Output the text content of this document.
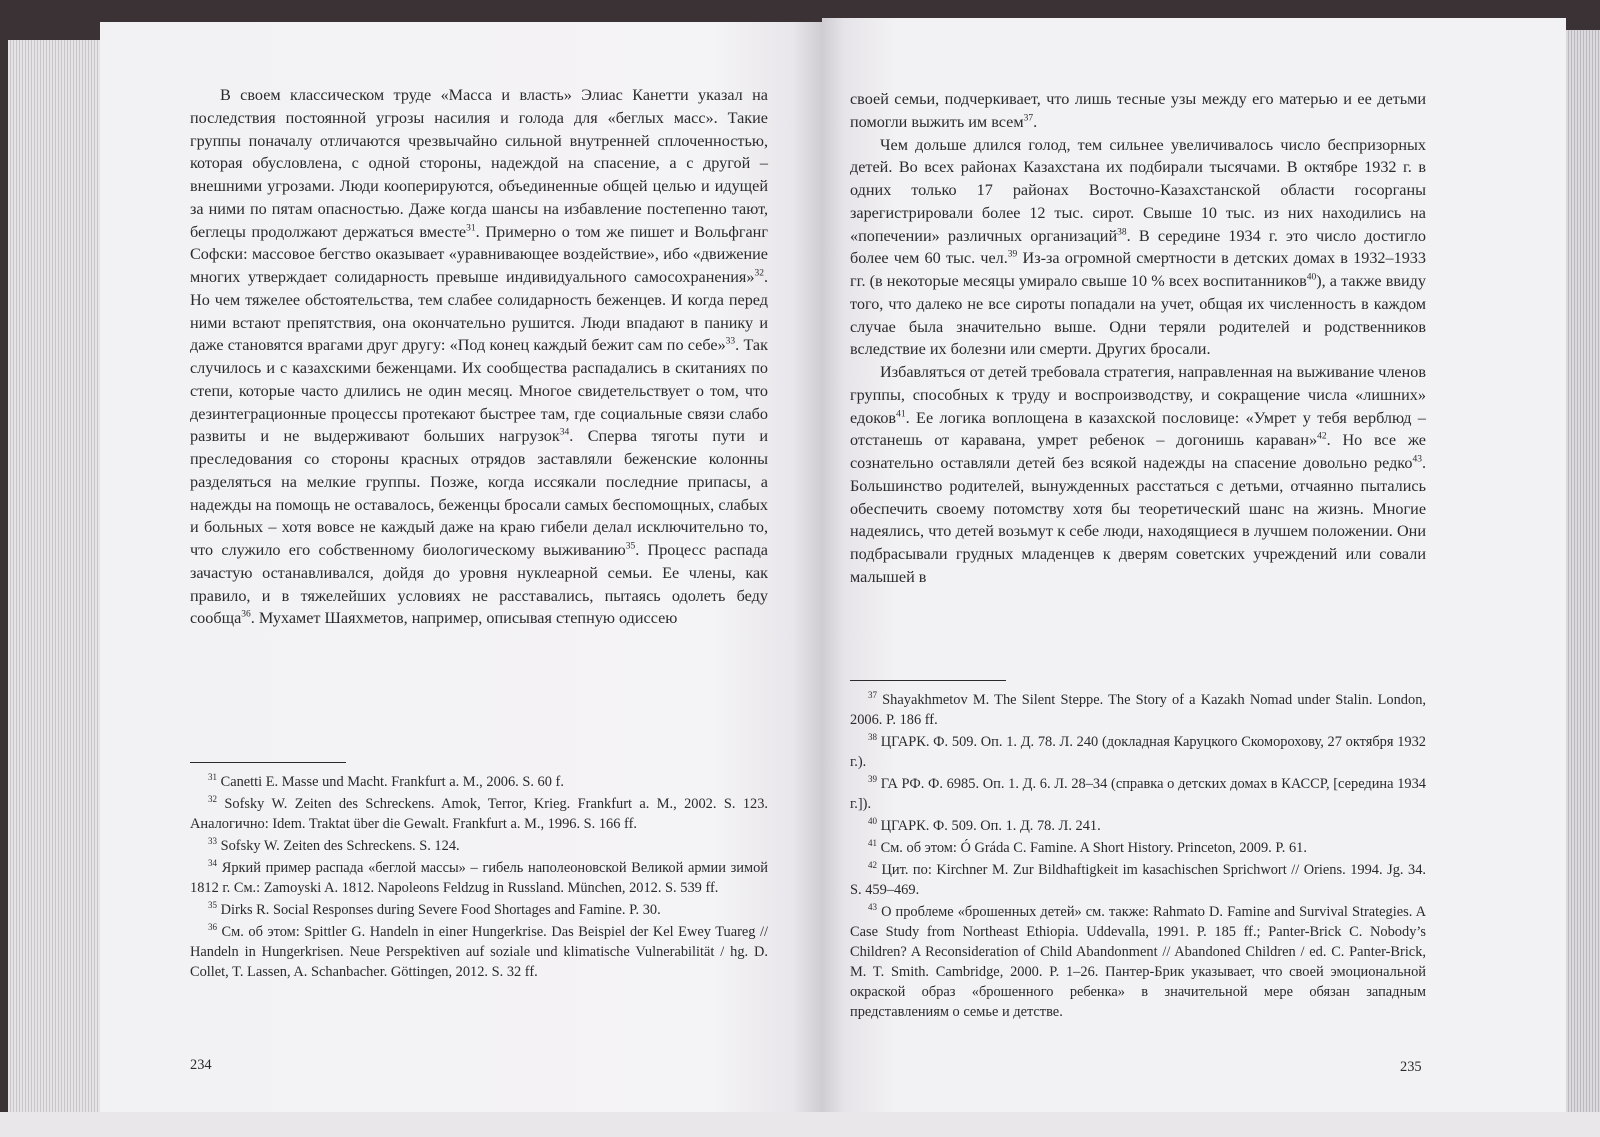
В своем классическом труде «Масса и власть» Элиас Канетти указал на последствия постоянной угрозы насилия и голода для «беглых масс». Такие группы поначалу отличаются чрезвычайно сильной внутренней сплоченностью, которая обусловлена, с одной стороны, надеждой на спасение, а с другой – внешними угрозами. Люди кооперируются, объединенные общей целью и идущей за ними по пятам опасностью. Даже когда шансы на избавление постепенно тают, беглецы продолжают держаться вместе$^{31}$. Примерно о том же пишет и Вольфганг Софски: массовое бегство оказывает «уравнивающее воздействие», ибо «движение многих утверждает солидарность превыше индивидуального самосохранения»$^{32}$. Но чем тяжелее обстоятельства, тем слабее солидарность беженцев. И когда перед ними встают препятствия, она окончательно рушится. Люди впадают в панику и даже становятся врагами друг другу: «Под конец каждый бежит сам по себе»$^{33}$. Так случилось и с казахскими беженцами. Их сообщества распадались в скитаниях по степи, которые часто длились не один месяц. Многое свидетельствует о том, что дезинтеграционные процессы протекают быстрее там, где социальные связи слабо развиты и не выдерживают больших нагрузок$^{34}$. Сперва тяготы пути и преследования со стороны красных отрядов заставляли беженские колонны разделяться на мелкие группы. Позже, когда иссякали последние припасы, а надежды на помощь не оставалось, беженцы бросали самых беспомощных, слабых и больных – хотя вовсе не каждый даже на краю гибели делал исключительно то, что служило его собственному биологическому выживанию$^{35}$. Процесс распада зачастую останавливался, дойдя до уровня нуклеарной семьи. Ее члены, как правило, и в тяжелейших условиях не расставались, пытаясь одолеть беду сообща$^{36}$. Мухамет Шаяхметов, например, описывая степную одиссею

$^{31}$ Canetti E. Masse und Macht. Frankfurt a. M., 2006. S. 60 f.

$^{32}$ Sofsky W. Zeiten des Schreckens. Amok, Terror, Krieg. Frankfurt a. M., 2002. S. 123. Аналогично: Idem. Traktat über die Gewalt. Frankfurt a. M., 1996. S. 166 ff.

$^{33}$ Sofsky W. Zeiten des Schreckens. S. 124.

$^{34}$ Яркий пример распада «беглой массы» – гибель наполеоновской Великой армии зимой 1812 г. См.: Zamoyski A. 1812. Napoleons Feldzug in Russland. München, 2012. S. 539 ff.

$^{35}$ Dirks R. Social Responses during Severe Food Shortages and Famine. P. 30.

$^{36}$ См. об этом: Spittler G. Handeln in einer Hungerkrise. Das Beispiel der Kel Ewey Tuareg // Handeln in Hungerkrisen. Neue Perspektiven auf soziale und klimatische Vulnerabilität / hg. D. Collet, T. Lassen, A. Schanbacher. Göttingen, 2012. S. 32 ff.

234

своей семьи, подчеркивает, что лишь тесные узы между его матерью и ее детьми помогли выжить им всем$^{37}$.

Чем дольше длился голод, тем сильнее увеличивалось число беспризорных детей. Во всех районах Казахстана их подбирали тысячами. В октябре 1932 г. в одних только 17 районах Восточно-Казахстанской области госорганы зарегистрировали более 12 тыс. сирот. Свыше 10 тыс. из них находились на «попечении» различных организаций$^{38}$. В середине 1934 г. это число достигло более чем 60 тыс. чел.$^{39}$ Из-за огромной смертности в детских домах в 1932–1933 гг. (в некоторые месяцы умирало свыше 10 % всех воспитанников$^{40}$), а также ввиду того, что далеко не все сироты попадали на учет, общая их численность в каждом случае была значительно выше. Одни теряли родителей и родственников вследствие их болезни или смерти. Других бросали.

Избавляться от детей требовала стратегия, направленная на выживание членов группы, способных к труду и воспроизводству, и сокращение числа «лишних» едоков$^{41}$. Ее логика воплощена в казахской пословице: «Умрет у тебя верблюд – отстанешь от каравана, умрет ребенок – догонишь караван»$^{42}$. Но все же сознательно оставляли детей без всякой надежды на спасение довольно редко$^{43}$. Большинство родителей, вынужденных расстаться с детьми, отчаянно пытались обеспечить своему потомству хотя бы теоретический шанс на жизнь. Многие надеялись, что детей возьмут к себе люди, находящиеся в лучшем положении. Они подбрасывали грудных младенцев к дверям советских учреждений или совали малышей в

$^{37}$ Shayakhmetov M. The Silent Steppe. The Story of a Kazakh Nomad under Stalin. London, 2006. P. 186 ff.

$^{38}$ ЦГАРК. Ф. 509. Оп. 1. Д. 78. Л. 240 (докладная Каруцкого Скоморохову, 27 октября 1932 г.).

$^{39}$ ГА РФ. Ф. 6985. Оп. 1. Д. 6. Л. 28–34 (справка о детских домах в КАССР, [середина 1934 г.]).

$^{40}$ ЦГАРК. Ф. 509. Оп. 1. Д. 78. Л. 241.

$^{41}$ См. об этом: Ó Gráda C. Famine. A Short History. Princeton, 2009. P. 61.

$^{42}$ Цит. по: Kirchner M. Zur Bildhaftigkeit im kasachischen Sprichwort // Oriens. 1994. Jg. 34. S. 459–469.

$^{43}$ О проблеме «брошенных детей» см. также: Rahmato D. Famine and Survival Strategies. A Case Study from Northeast Ethiopia. Uddevalla, 1991. P. 185 ff.; Panter-Brick C. Nobody’s Children? A Reconsideration of Child Abandonment // Abandoned Children / ed. C. Panter-Brick, M. T. Smith. Cambridge, 2000. P. 1–26. Пантер-Брик указывает, что своей эмоциональной окраской образ «брошенного ребенка» в значительной мере обязан западным представлениям о семье и детстве.

235
